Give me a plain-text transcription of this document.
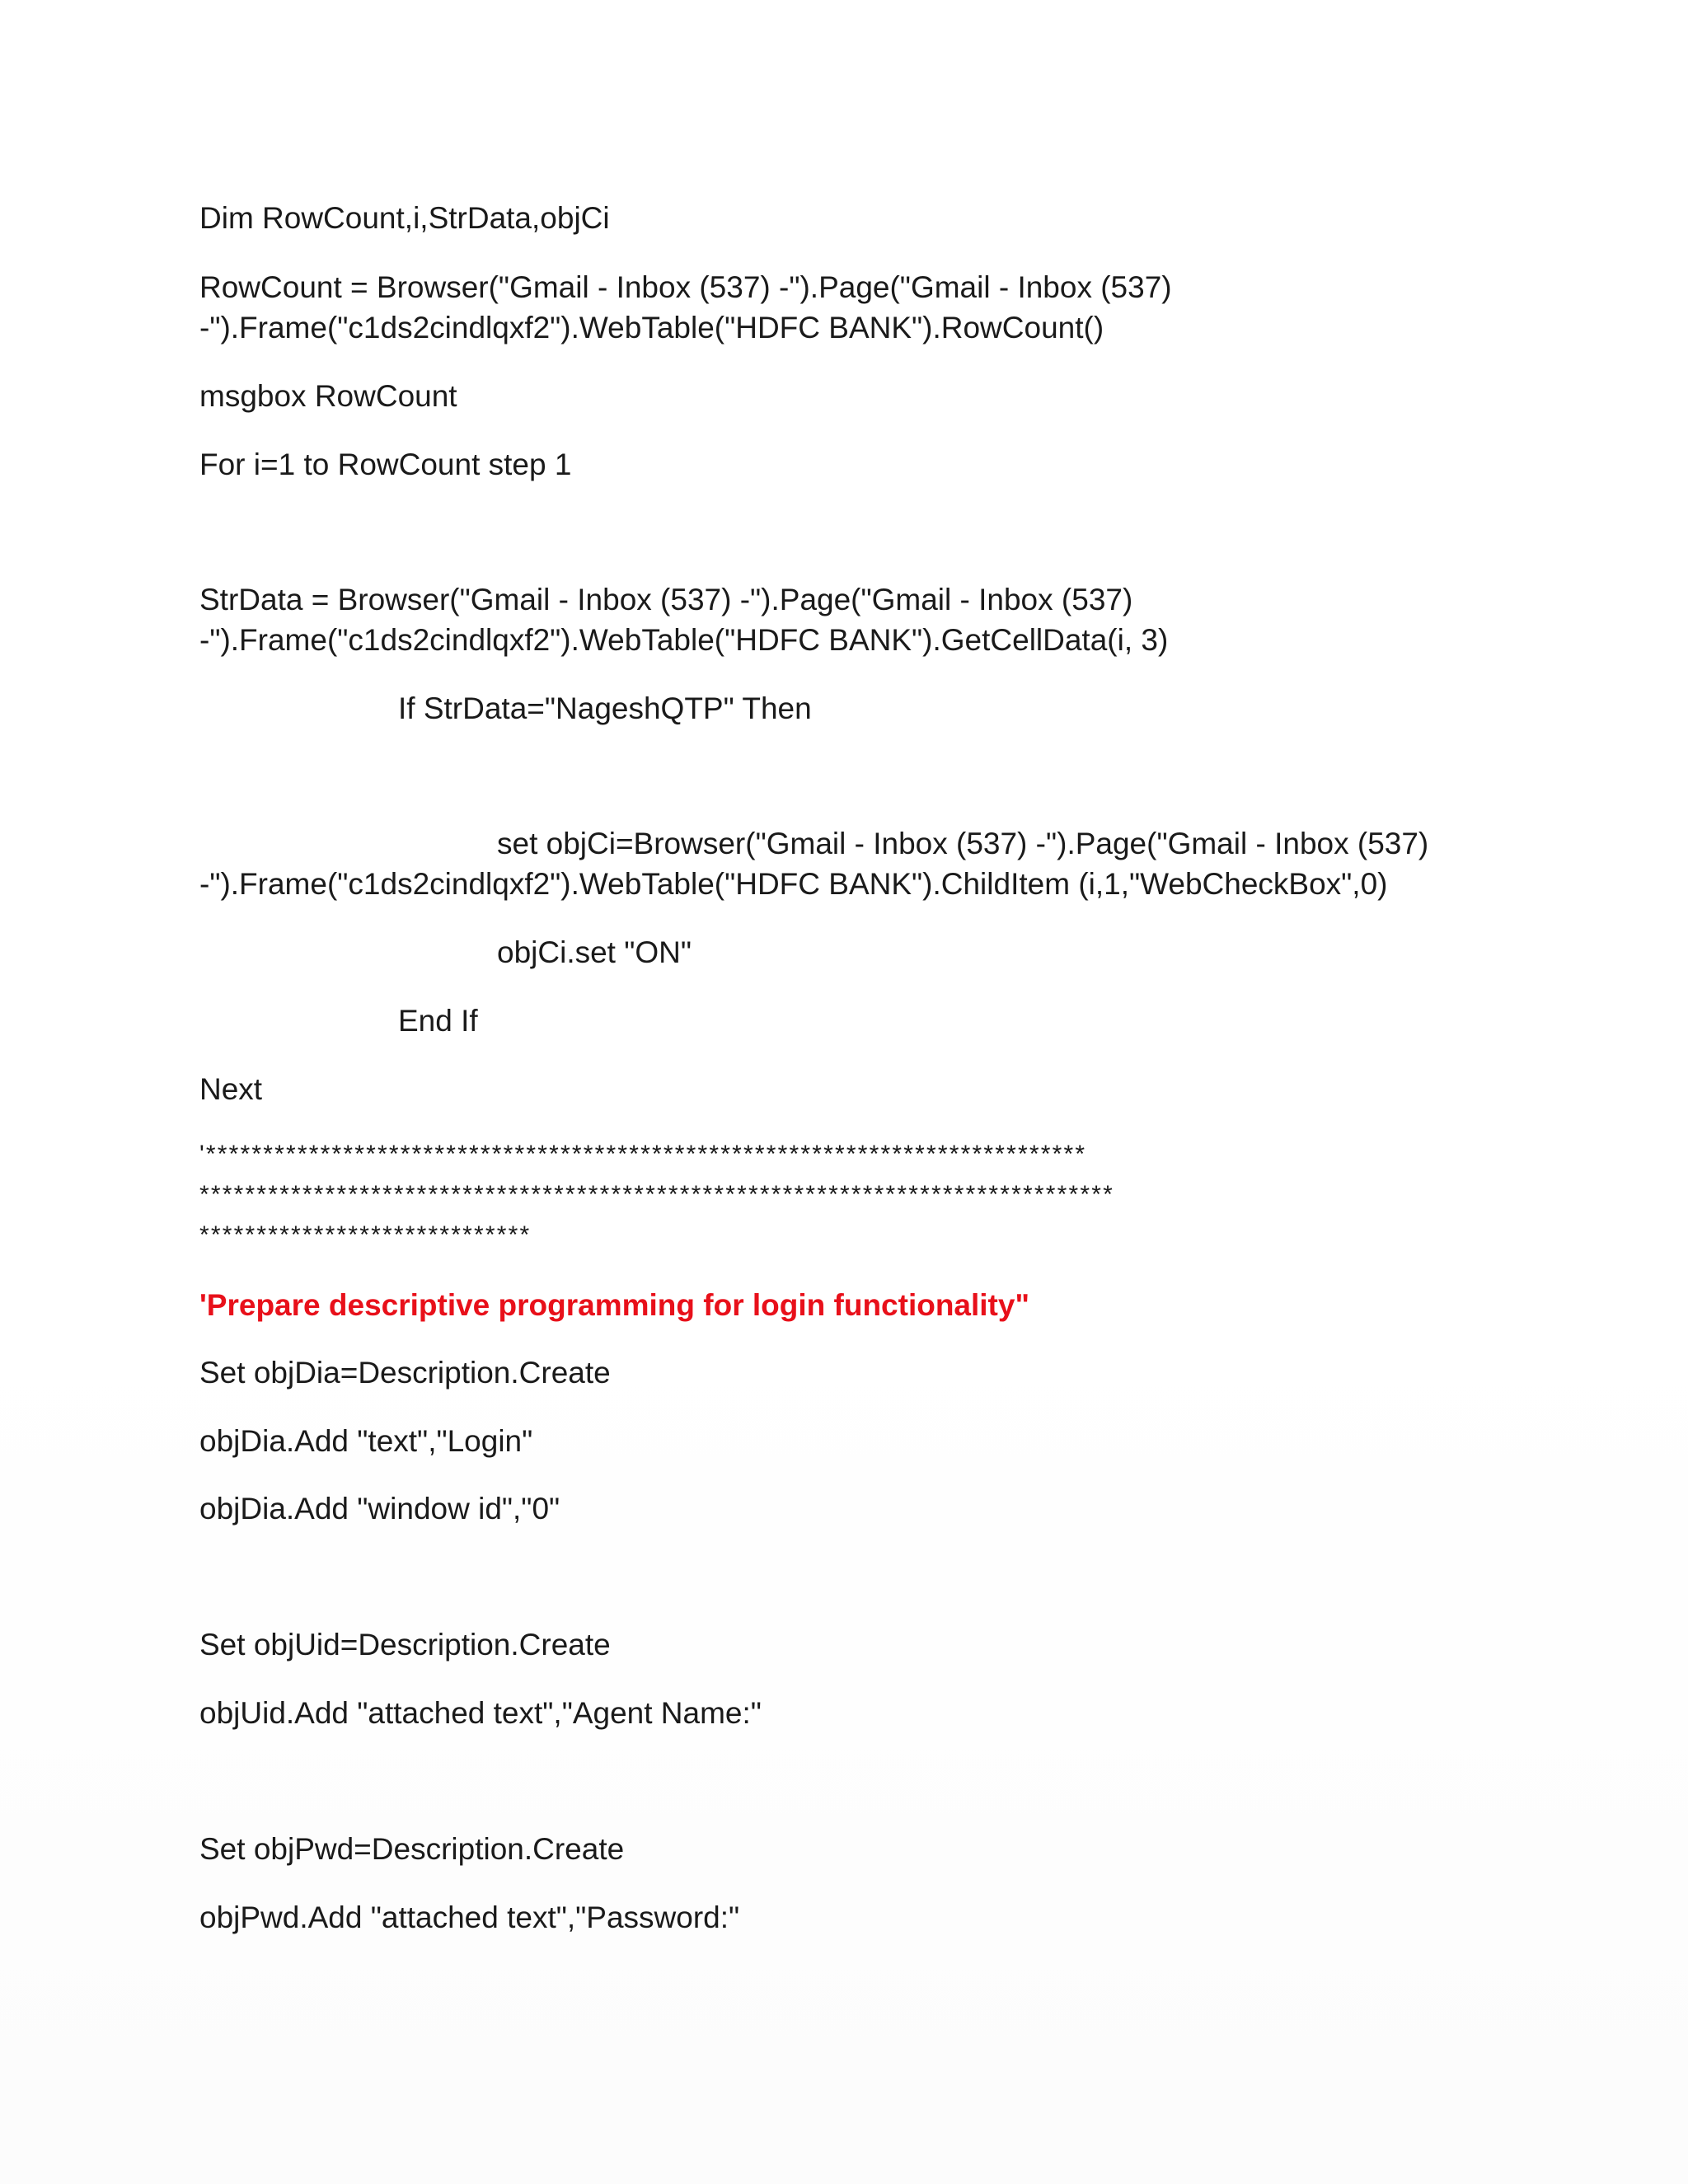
Dim RowCount,i,StrData,objCi

RowCount = Browser("Gmail - Inbox (537) -").Page("Gmail - Inbox (537)

-").Frame("c1ds2cindlqxf2").WebTable("HDFC BANK").RowCount()

msgbox RowCount

For i=1 to RowCount step 1

StrData = Browser("Gmail - Inbox (537) -").Page("Gmail - Inbox (537)

-").Frame("c1ds2cindlqxf2").WebTable("HDFC BANK").GetCellData(i, 3)

If StrData="NageshQTP" Then

set objCi=Browser("Gmail - Inbox (537) -").Page("Gmail - Inbox (537)

-").Frame("c1ds2cindlqxf2").WebTable("HDFC BANK").ChildItem (i,1,"WebCheckBox",0)

objCi.set "ON"

End If

Next

'*****************************************************************************

********************************************************************************

*****************************

'Prepare descriptive programming for login functionality"

Set objDia=Description.Create

objDia.Add "text","Login"

objDia.Add "window id","0"

Set objUid=Description.Create

objUid.Add "attached text","Agent Name:"

Set objPwd=Description.Create

objPwd.Add "attached text","Password:"
